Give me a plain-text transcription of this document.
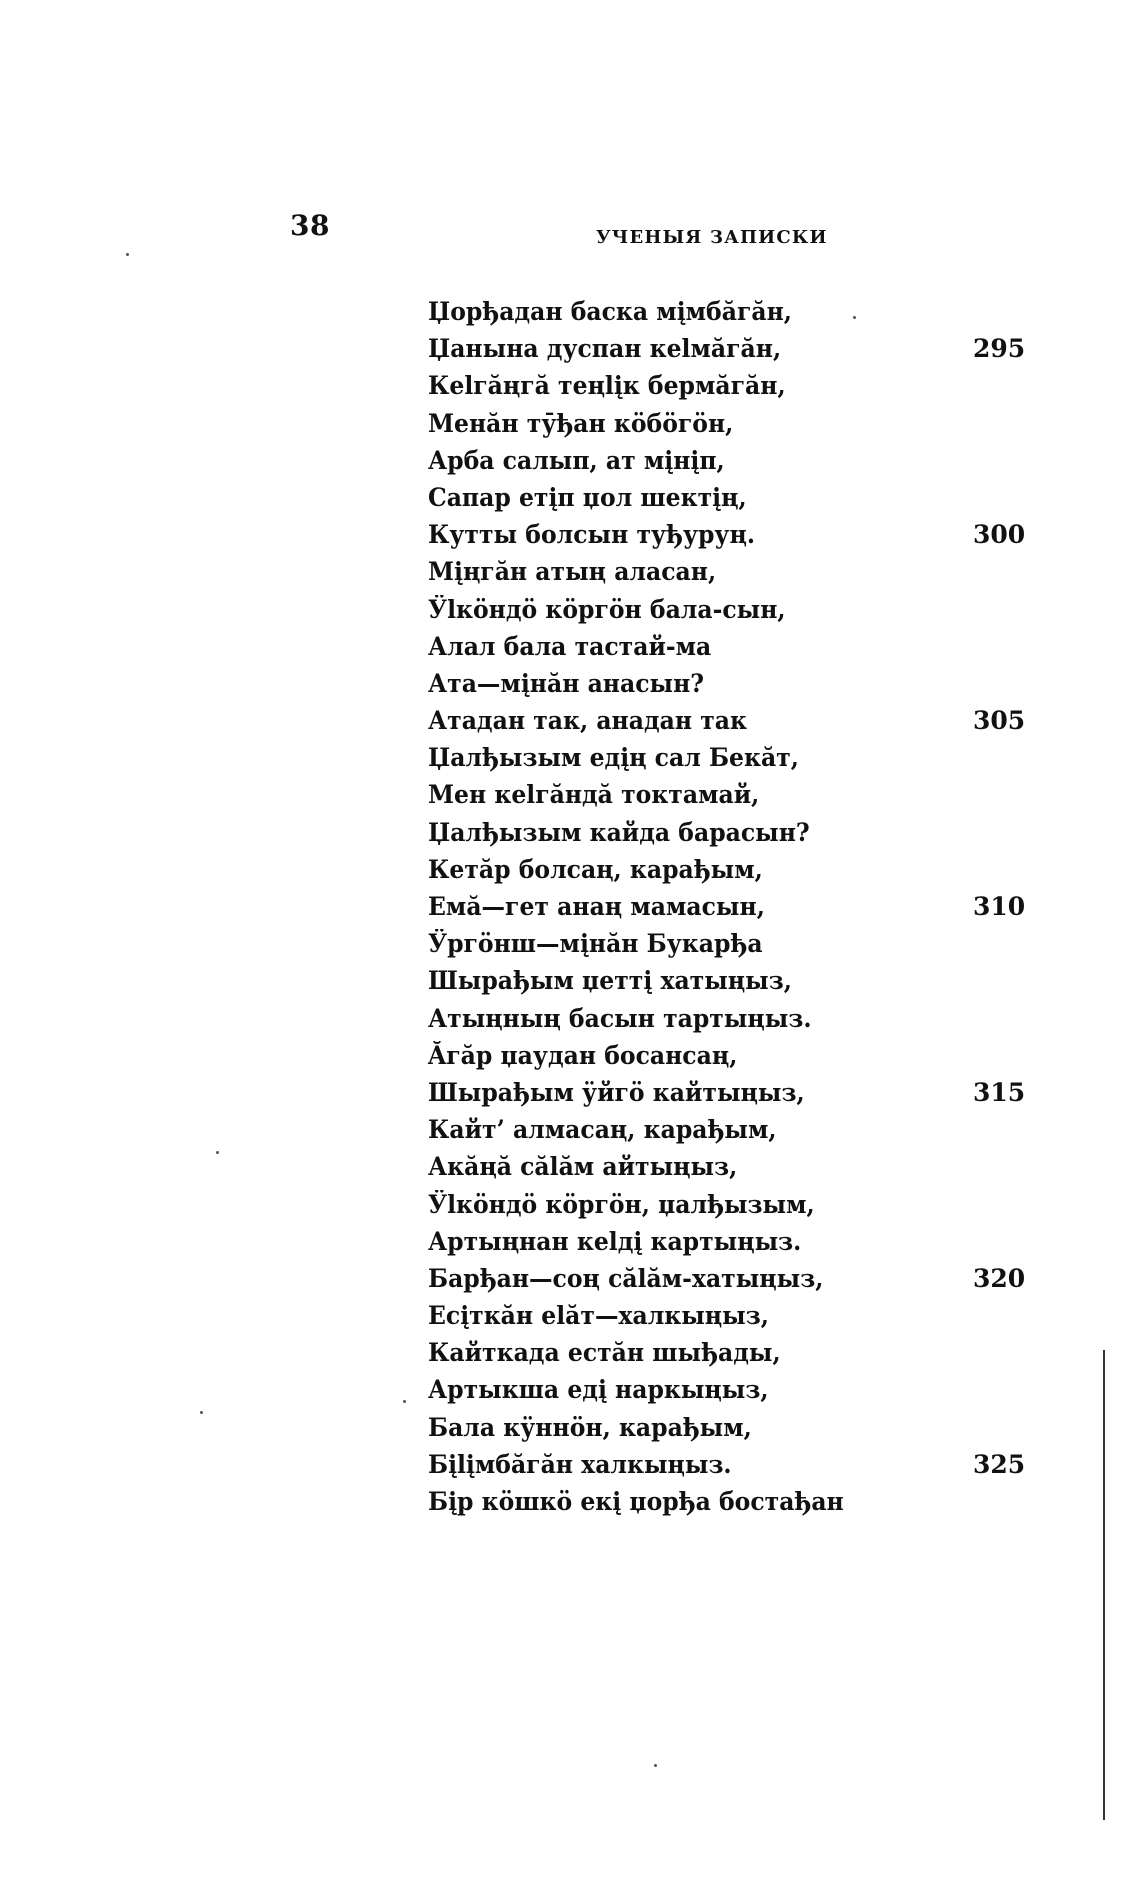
38	УЧЕНЫЯ ЗАПИСКИ
Џорђадан баска мįмбăгăн,
Џанына дуспан кelмăгăн,	295
Кelгăңгă теңlįк бермăгăн,
Менăн тӯђан кӧбӧгӧн,
Арба салып, ат мįнįп,
Сапар етįп џол шектįң,
Кутты болсын туђуруң.	300
Мįңгăн атың аласан,
Ӱlкӧндӧ кӧргӧн бала-сын,
Алал бала тастай-ма
Ата—мįнăн анасын?
Атадан так, анадан так	305
Џалђызым едįң сал Бекăт,
Мен кelгăндă токтамай,
Џалђызым кайда барасын?
Кетăр болсаң, карађым,
Емă—гет анаң мамасын,	310
Ӱргӧнш—мįнăн Букарђа
Шырађым џеттį хатыңыз,
Атыңның басын тартыңыз.
Ăгăр џаудан босансаң,
Шырађым ӱйгӧ кайтыңыз,	315
Кайт’ алмасаң, карађым,
Акăңă сălăм айтыңыз,
Ӱlкӧндӧ кӧргӧн, џалђызым,
Артыңнан кelдį картыңыз.
Барђан—соң сălăм-хатыңыз,	320
Есįткăн elăт—халкыңыз,
Кайткада естăн шыђады,
Артыкша едį наркыңыз,
Бала кӱннӧн, карађым,
Бįlįмбăгăн халкыңыз.	325
Бįр кӧшкӧ екį џорђа бостађан
